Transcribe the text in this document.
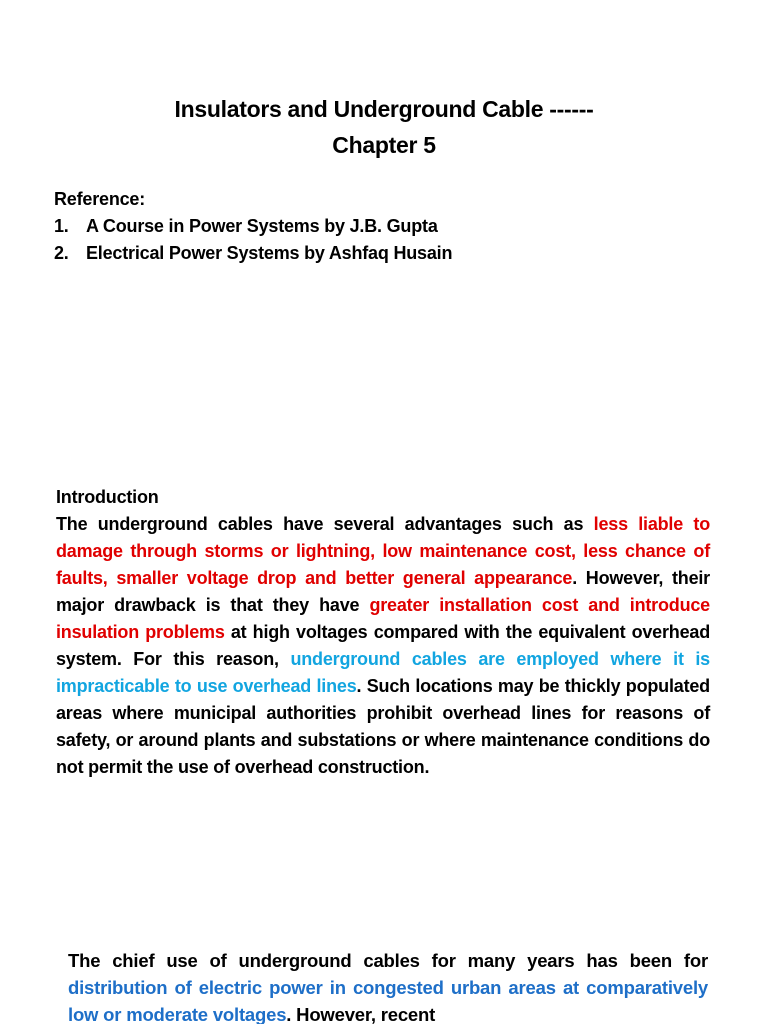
Insulators and Underground Cable ------
Chapter 5
Reference:
1. A Course in Power Systems by J.B. Gupta
2. Electrical Power Systems by Ashfaq Husain
Introduction
The underground cables have several advantages such as less liable to damage through storms or lightning, low maintenance cost, less chance of faults, smaller voltage drop and better general appearance. However, their major drawback is that they have greater installation cost and introduce insulation problems at high voltages compared with the equivalent overhead system. For this reason, underground cables are employed where it is impracticable to use overhead lines. Such locations may be thickly populated areas where municipal authorities prohibit overhead lines for reasons of safety, or around plants and substations or where maintenance conditions do not permit the use of overhead construction.
The chief use of underground cables for many years has been for distribution of electric power in congested urban areas at comparatively low or moderate voltages. However, recent
